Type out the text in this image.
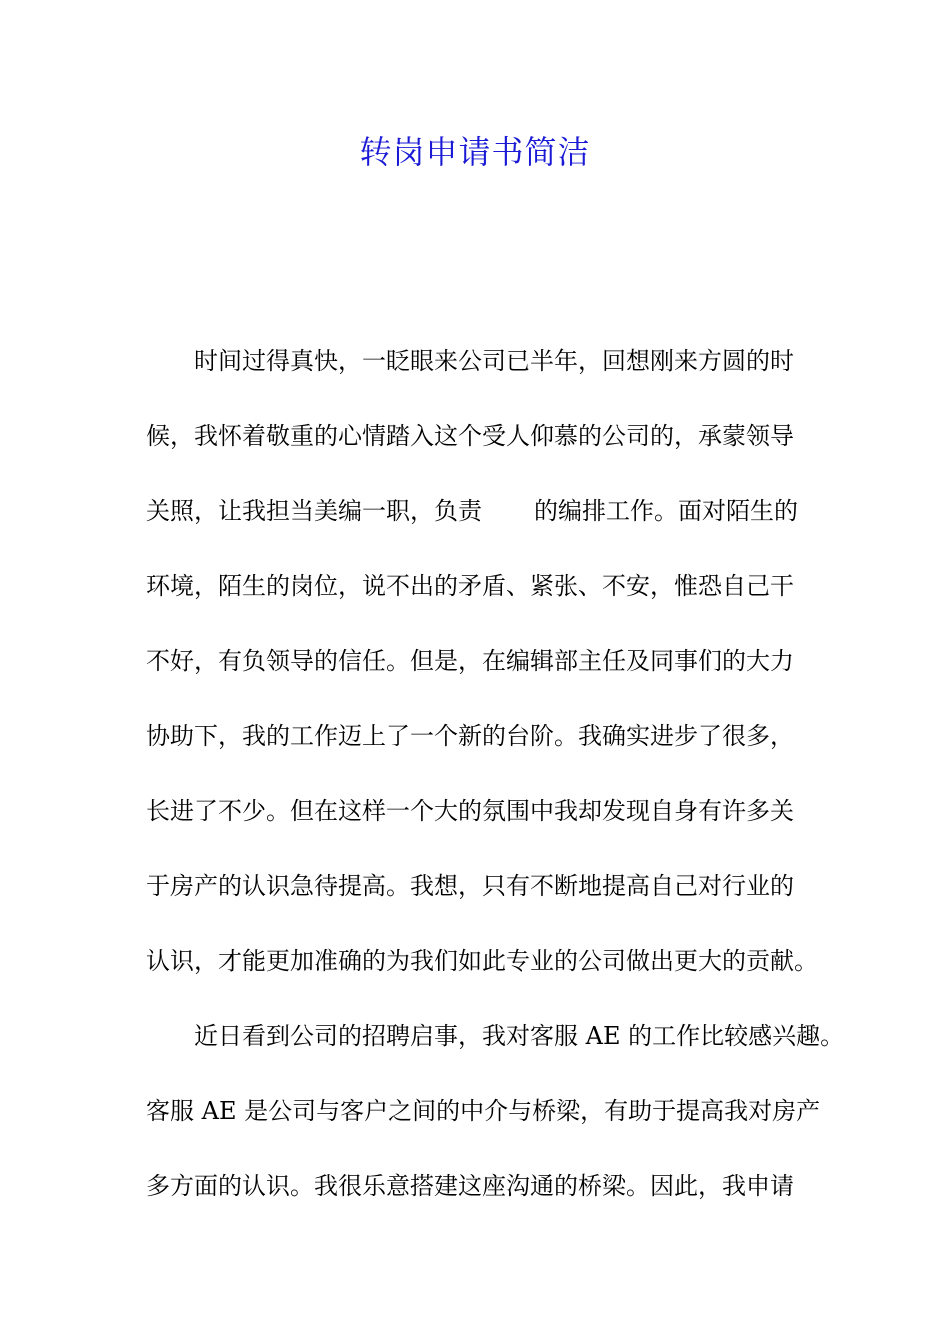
转岗申请书简洁
时间过得真快，一眨眼来公司已半年，回想刚来方圆的时
候，我怀着敬重的心情踏入这个受人仰慕的公司的，承蒙领导
关照，让我担当美编一职，负责 的编排工作。面对陌生的
环境，陌生的岗位，说不出的矛盾、紧张、不安，惟恐自己干
不好，有负领导的信任。但是，在编辑部主任及同事们的大力
协助下，我的工作迈上了一个新的台阶。我确实进步了很多，
长进了不少。但在这样一个大的氛围中我却发现自身有许多关
于房产的认识急待提高。我想，只有不断地提高自己对行业的
认识，才能更加准确的为我们如此专业的公司做出更大的贡献。
近日看到公司的招聘启事，我对客服 AE 的工作比较感兴趣。
客服 AE 是公司与客户之间的中介与桥梁，有助于提高我对房产
多方面的认识。我很乐意搭建这座沟通的桥梁。因此，我申请
